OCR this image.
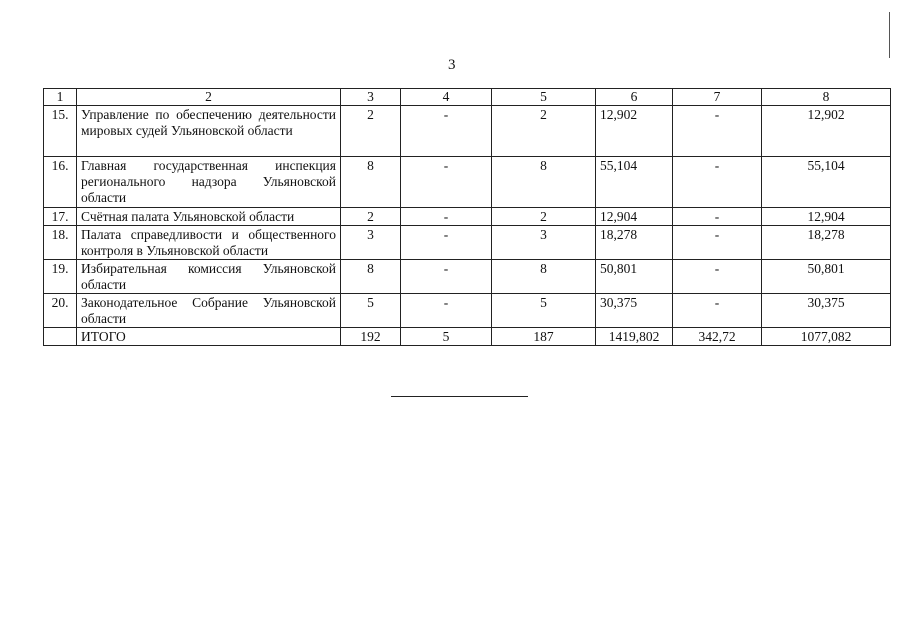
3
1	2	3	4	5	6	7	8
15.	Управление по обеспечению деятельности мировых судей Ульяновской области	2	-	2	12,902	-	12,902
16.	Главная государственная инспекция регионального надзора Ульяновской области	8	-	8	55,104	-	55,104
17.	Счётная палата Ульяновской области	2	-	2	12,904	-	12,904
18.	Палата справедливости и общественного контроля в Ульяновской области	3	-	3	18,278	-	18,278
19.	Избирательная комиссия Ульяновской области	8	-	8	50,801	-	50,801
20.	Законодательное Собрание Ульяновской области	5	-	5	30,375	-	30,375
	ИТОГО	192	5	187	1419,802	342,72	1077,082
